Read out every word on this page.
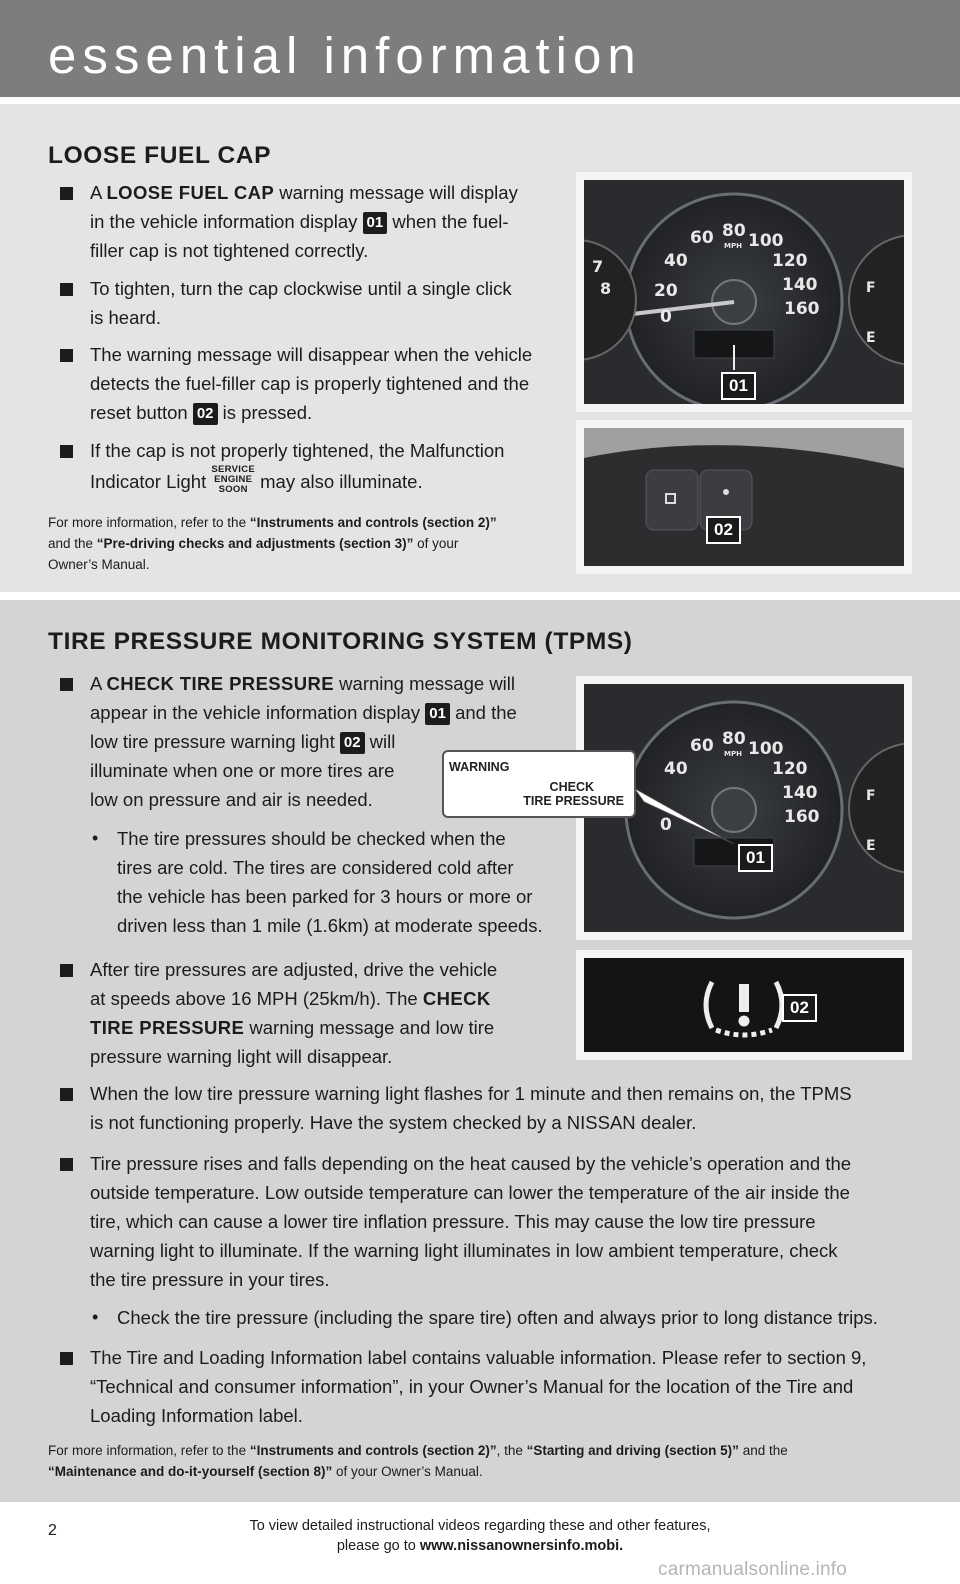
essential information
LOOSE FUEL CAP
A LOOSE FUEL CAP warning message will display
in the vehicle information display 01 when the fuel-
filler cap is not tightened correctly.
To tighten, turn the cap clockwise until a single click
is heard.
The warning message will disappear when the vehicle
detects the fuel-filler cap is properly tightened and the
reset button 02 is pressed.
If the cap is not properly tightened, the Malfunction
Indicator Light
SERVICE
ENGINE
SOON may also illuminate.
For more information, refer to the “Instruments and controls (section 2)”
and the “Pre-driving checks and adjustments (section 3)” of your
Owner’s Manual.
0
20
40
60 80 100
120
140
160
MPH
7
8	F
E
01
02
TIRE PRESSURE MONITORING SYSTEM (TPMS)
A CHECK TIRE PRESSURE warning message will
appear in the vehicle information display 01 and the
low tire pressure warning light 02 will
illuminate when one or more tires are
low on pressure and air is needed.
• The tire pressures should be checked when the
tires are cold. The tires are considered cold after
the vehicle has been parked for 3 hours or more or
driven less than 1 mile (1.6km) at moderate speeds.
After tire pressures are adjusted, drive the vehicle
at speeds above 16 MPH (25km/h). The CHECK
TIRE PRESSURE warning message and low tire
pressure warning light will disappear.
When the low tire pressure warning light flashes for 1 minute and then remains on, the TPMS
is not functioning properly. Have the system checked by a NISSAN dealer.
Tire pressure rises and falls depending on the heat caused by the vehicle’s operation and the
outside temperature. Low outside temperature can lower the temperature of the air inside the
tire, which can cause a lower tire inflation pressure. This may cause the low tire pressure
warning light to illuminate. If the warning light illuminates in low ambient temperature, check
the tire pressure in your tires.
• Check the tire pressure (including the spare tire) often and always prior to long distance trips.
The Tire and Loading Information label contains valuable information. Please refer to section 9,
“Technical and consumer information”, in your Owner’s Manual for the location of the Tire and
Loading Information label.
For more information, refer to the “Instruments and controls (section 2)”, the “Starting and driving (section 5)” and the
“Maintenance and do-it-yourself (section 8)” of your Owner’s Manual.
0
40
60 80 100
120
140
160
MPH
F
E
01
02
WARNING
CHECK
TIRE PRESSURE
2	To view detailed instructional videos regarding these and other features,
please go to www.nissanownersinfo.mobi.
carmanualsonline.info
